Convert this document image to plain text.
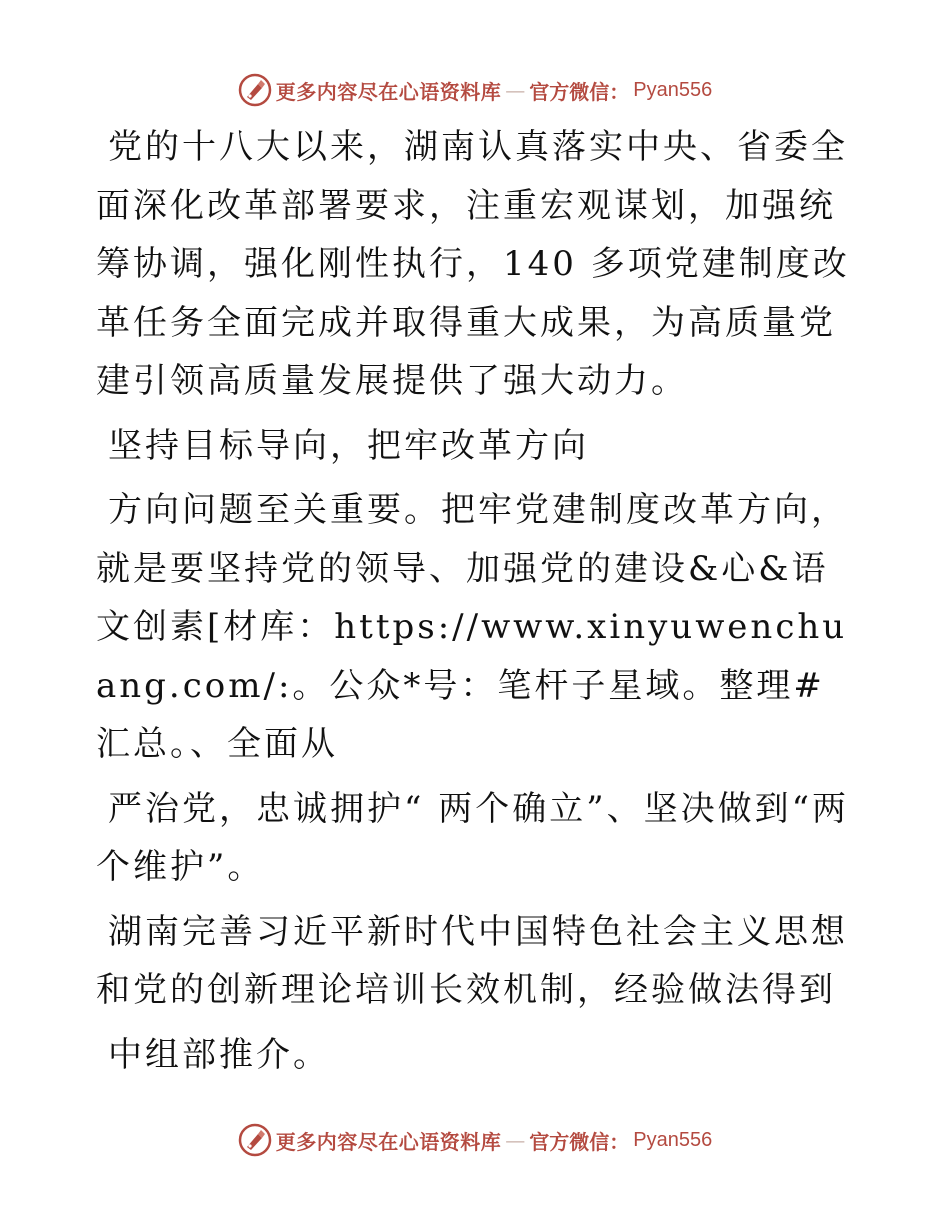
更多内容尽在心语资料库 — 官方微信： Pyan556

党的十八大以来，湖南认真落实中央、省委全面深化改革部署要求，注重宏观谋划，加强统筹协调，强化刚性执行，140 多项党建制度改革任务全面完成并取得重大成果，为高质量党建引领高质量发展提供了强大动力。

坚持目标导向，把牢改革方向

方向问题至关重要。把牢党建制度改革方向，就是要坚持党的领导、加强党的建设&心&语文创素[材库：https://www.xinyuwenchuang.com/:。公众*号：笔杆子星域。整理#汇总。、全面从

严治党，忠诚拥护“ 两个确立”、坚决做到“两个维护”。

湖南完善习近平新时代中国特色社会主义思想和党的创新理论培训长效机制，经验做法得到

中组部推介。

更多内容尽在心语资料库 — 官方微信： Pyan556
